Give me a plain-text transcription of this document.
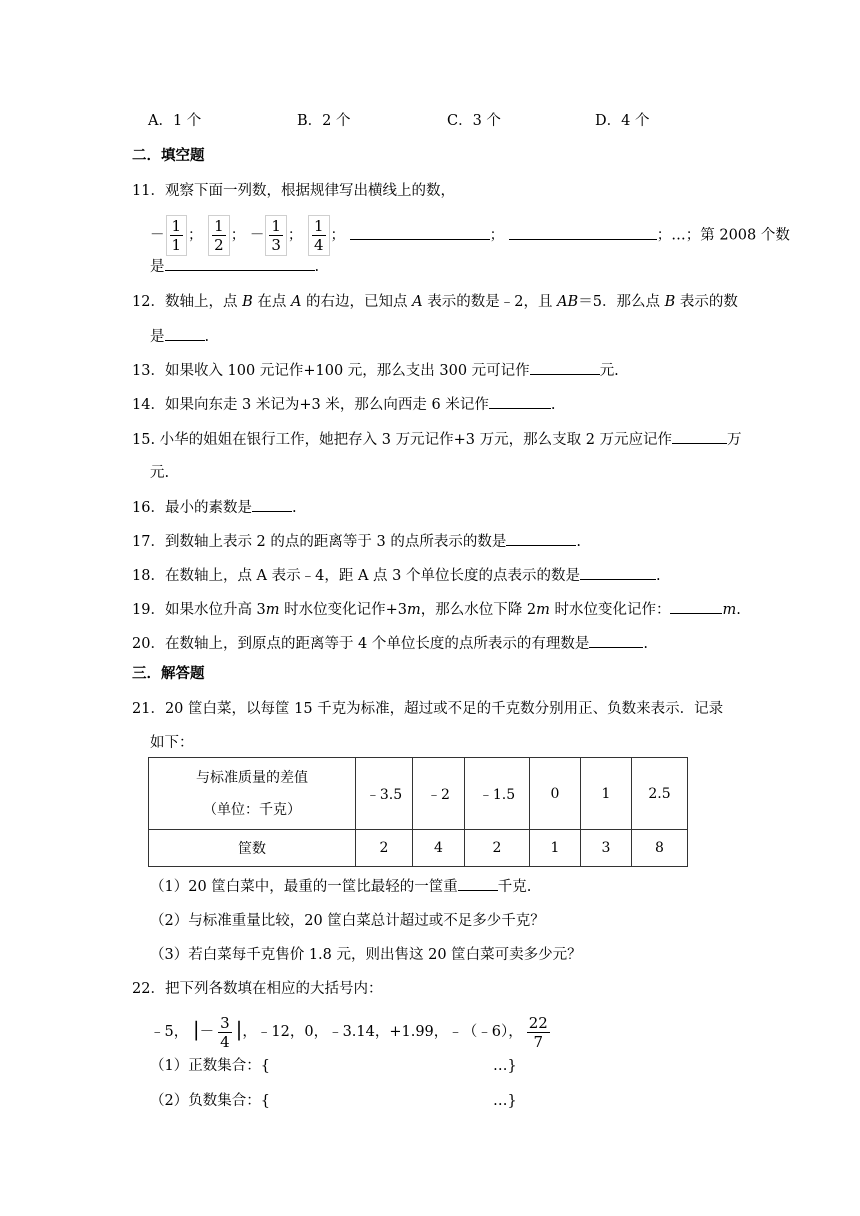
A．1 个	B．2 个	C．3 个	D．4 个
二．填空题
11．观察下面一列数，根据规律写出横线上的数，
－ $\frac{1}{1}$ ； $\frac{1}{2}$ ； － $\frac{1}{3}$ ； $\frac{1}{4}$ ；	；	；…；第 2008 个数
是	.
12．数轴上，点 B 在点 A 的右边，已知点 A 表示的数是﹣2，且 AB＝5．那么点 B 表示的数
是	.
13．如果收入 100 元记作+100 元，那么支出 300 元可记作	元.
14．如果向东走 3 米记为+3 米，那么向西走 6 米记作	.
15. 小华的姐姐在银行工作，她把存入 3 万元记作+3 万元，那么支取 2 万元应记作	万
元.
16．最小的素数是	.
17．到数轴上表示 2 的点的距离等于 3 的点所表示的数是	.
18．在数轴上，点 A 表示﹣4，距 A 点 3 个单位长度的点表示的数是	.
19．如果水位升高 3m 时水位变化记作+3m，那么水位下降 2m 时水位变化记作：	m.
20．在数轴上，到原点的距离等于 4 个单位长度的点所表示的有理数是	.
三．解答题
21．20 筐白菜，以每筐 15 千克为标准，超过或不足的千克数分别用正、负数来表示．记录
如下：
与标准质量的差值
（单位：千克）	﹣3.5	﹣2	﹣1.5	0	1	2.5
筐数	2	4	2	1	3	8
（1）20 筐白菜中，最重的一筐比最轻的一筐重	千克.
（2）与标准重量比较，20 筐白菜总计超过或不足多少千克？
（3）若白菜每千克售价 1.8 元，则出售这 20 筐白菜可卖多少元？
22．把下列各数填在相应的大括号内：
﹣5， |－ $\frac{3}{4}$ |，﹣12，0，﹣3.14，+1.99，﹣（﹣6）， $\frac{22}{7}$
（1）正数集合：{	…}
（2）负数集合：{	…}
